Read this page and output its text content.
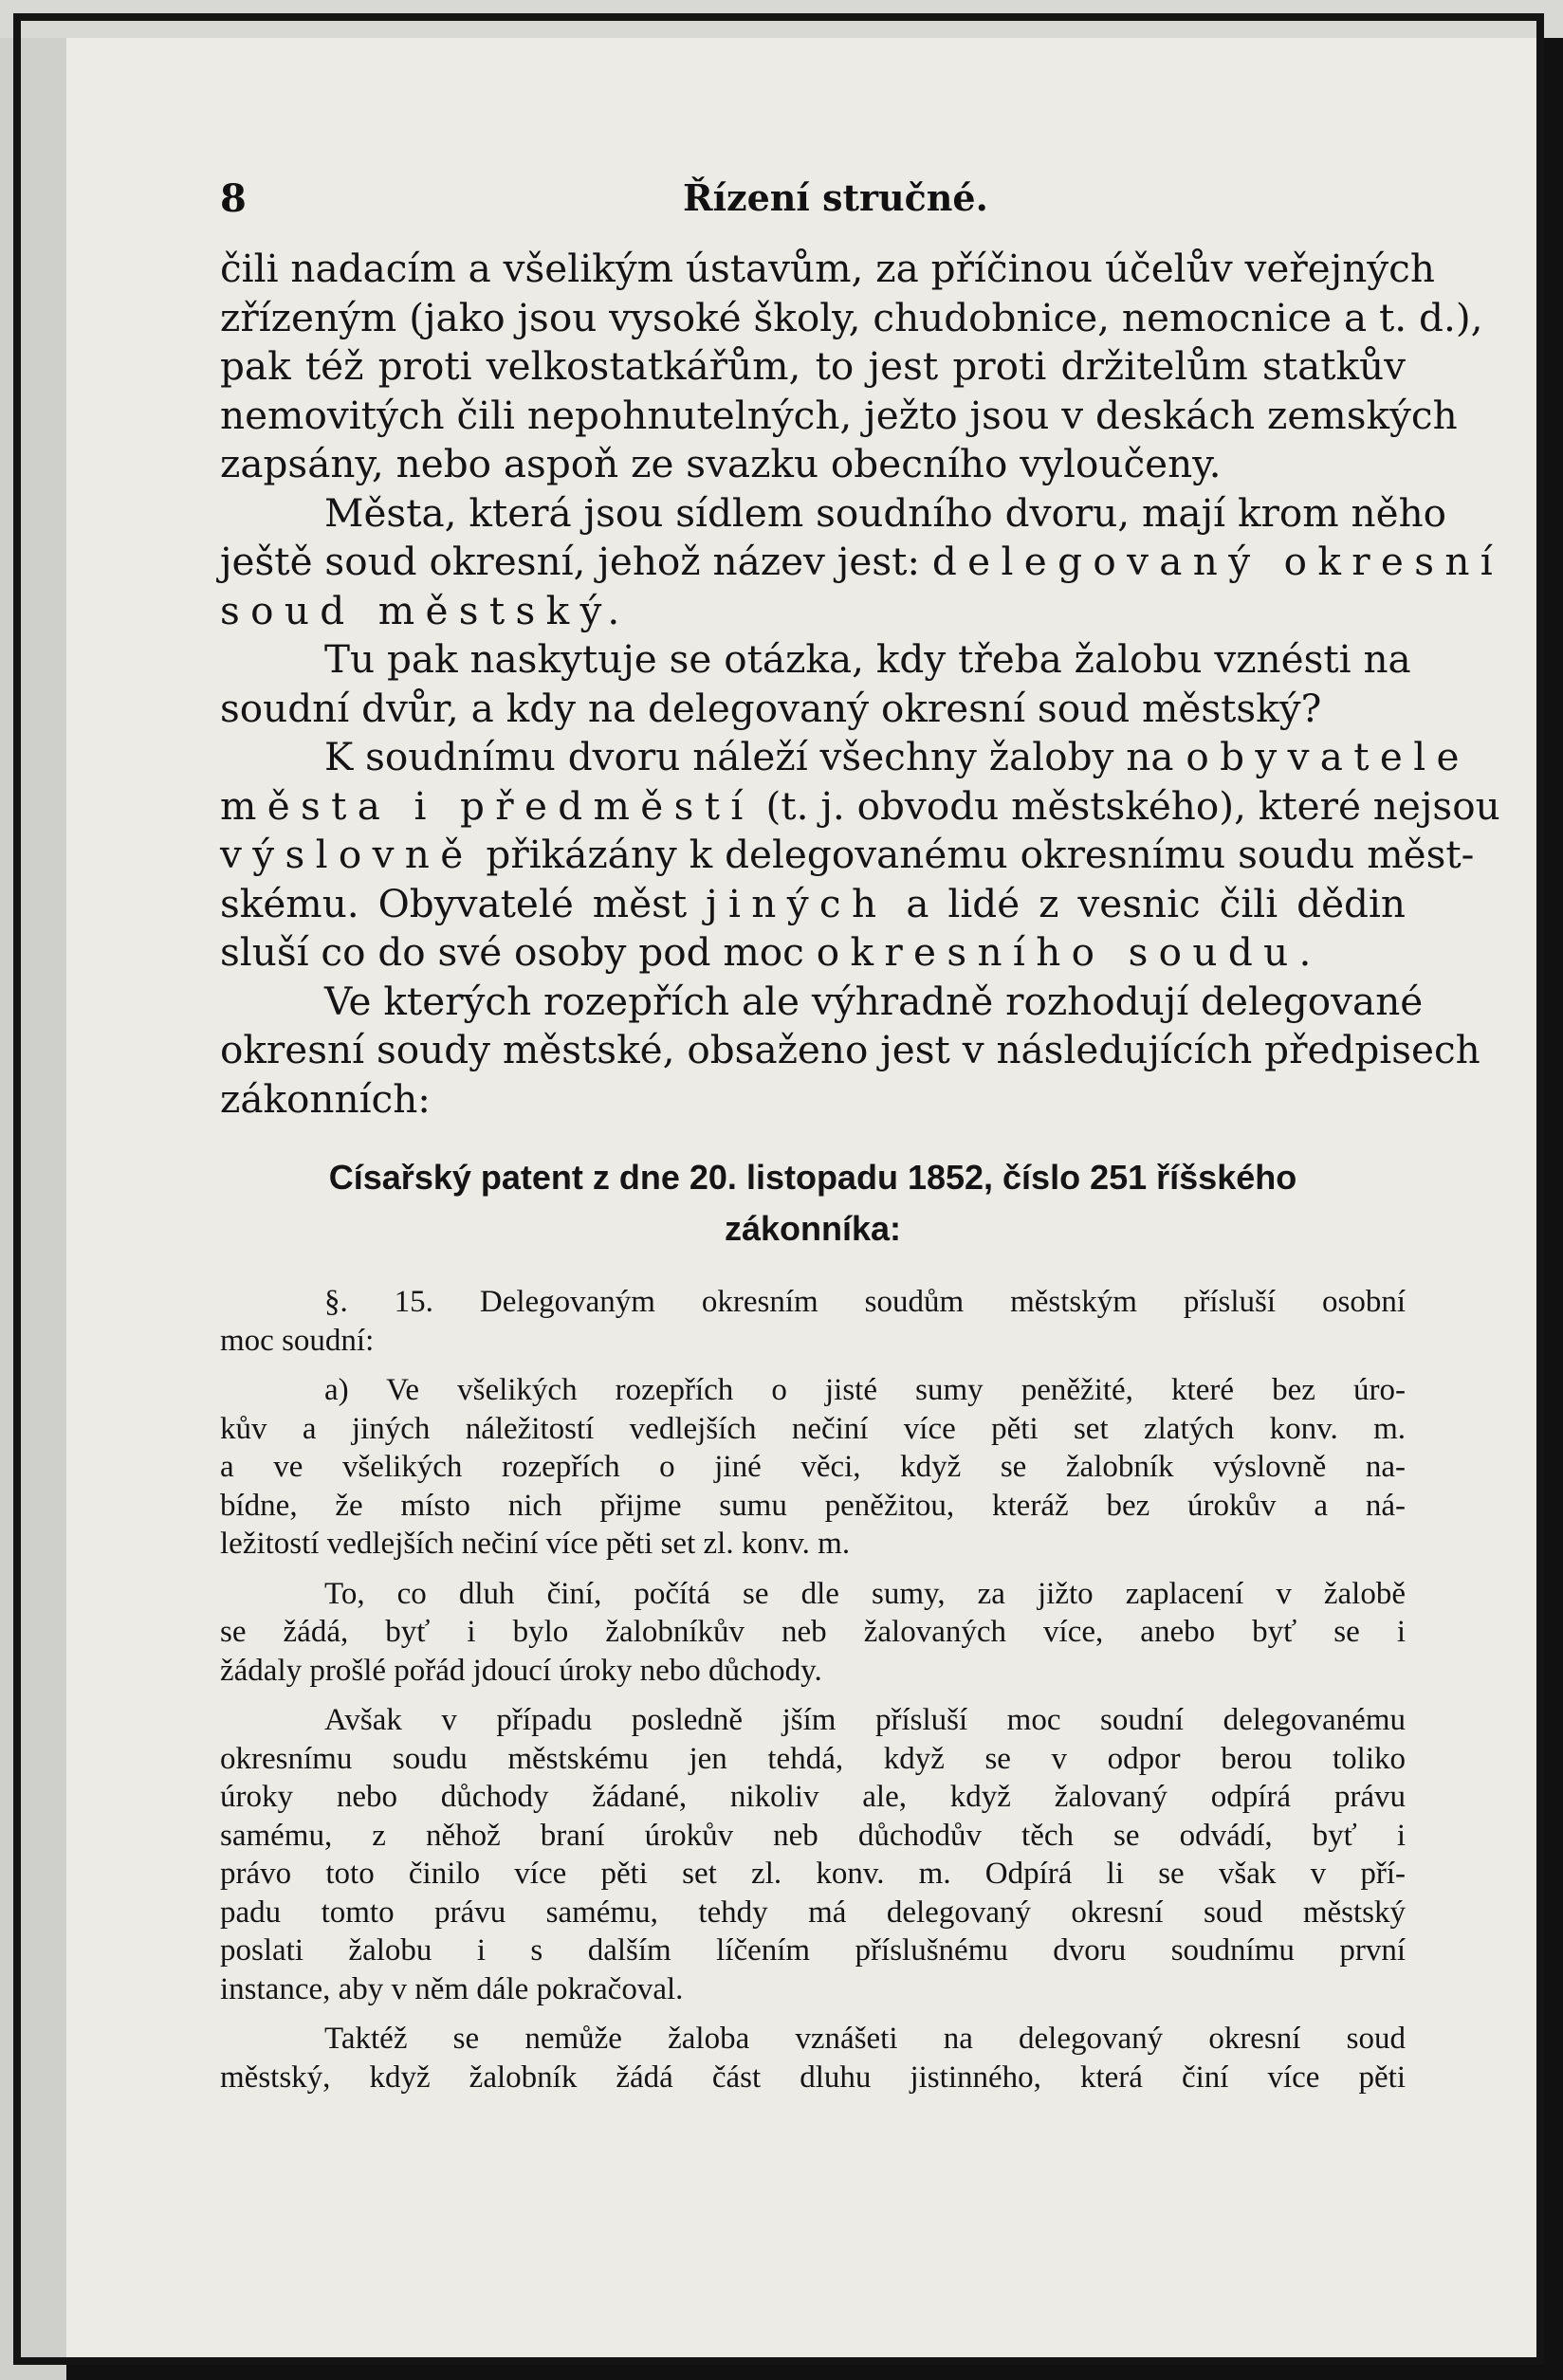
8	Řízení stručné.
čili nadacím a všelikým ústavům, za příčinou účelův veřejných
zřízeným (jako jsou vysoké školy, chudobnice, nemocnice a t. d.),
pak též proti velkostatkářům, to jest proti držitelům statkův
nemovitých čili nepohnutelných, ježto jsou v deskách zemských
zapsány, nebo aspoň ze svazku obecního vyloučeny.
Města, která jsou sídlem soudního dvoru, mají krom něho
ještě soud okresní, jehož název jest: delegovaný okresní
soud městský.
Tu pak naskytuje se otázka, kdy třeba žalobu vznésti na
soudní dvůr, a kdy na delegovaný okresní soud městský?
K soudnímu dvoru náleží všechny žaloby na obyvatele
města i předměstí (t. j. obvodu městského), které nejsou
výslovně přikázány k delegovanému okresnímu soudu měst-
skému. Obyvatelé měst jiných a lidé z vesnic čili dědin
sluší co do své osoby pod moc okresního soudu.
Ve kterých rozepřích ale výhradně rozhodují delegované
okresní soudy městské, obsaženo jest v následujících předpisech
zákonních:
Císařský patent z dne 20. listopadu 1852, číslo 251 říšského
zákonníka:
§. 15. Delegovaným okresním soudům městským přísluší osobní
moc soudní:
a) Ve všelikých rozepřích o jisté sumy peněžité, které bez úro-
kův a jiných náležitostí vedlejších nečiní více pěti set zlatých konv. m.
a ve všelikých rozepřích o jiné věci, když se žalobník výslovně na-
bídne, že místo nich přijme sumu peněžitou, kteráž bez úrokův a ná-
ležitostí vedlejších nečiní více pěti set zl. konv. m.
To, co dluh činí, počítá se dle sumy, za jižto zaplacení v žalobě
se žádá, byť i bylo žalobníkův neb žalovaných více, anebo byť se i
žádaly prošlé pořád jdoucí úroky nebo důchody.
Avšak v případu posledně jším přísluší moc soudní delegovanému
okresnímu soudu městskému jen tehdá, když se v odpor berou toliko
úroky nebo důchody žádané, nikoliv ale, když žalovaný odpírá právu
samému, z něhož braní úrokův neb důchodův těch se odvádí, byť i
právo toto činilo více pěti set zl. konv. m. Odpírá li se však v pří-
padu tomto právu samému, tehdy má delegovaný okresní soud městský
poslati žalobu i s dalším líčením příslušnému dvoru soudnímu první
instance, aby v něm dále pokračoval.
Taktéž se nemůže žaloba vznášeti na delegovaný okresní soud
městský, když žalobník žádá část dluhu jistinného, která činí více pěti
